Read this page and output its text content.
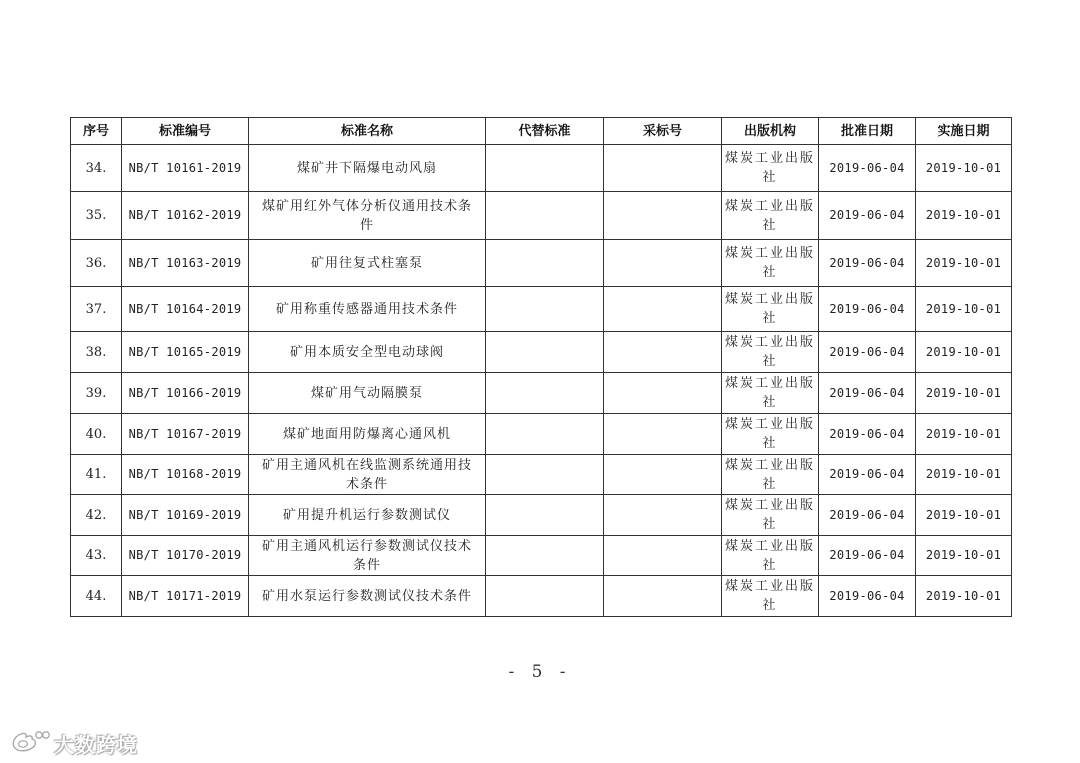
序号	标准编号	标准名称	代替标准	采标号	出版机构	批准日期	实施日期
34.	NB/T 10161-2019	煤矿井下隔爆电动风扇			煤炭工业出版社	2019-06-04	2019-10-01
35.	NB/T 10162-2019	煤矿用红外气体分析仪通用技术条件			煤炭工业出版社	2019-06-04	2019-10-01
36.	NB/T 10163-2019	矿用往复式柱塞泵			煤炭工业出版社	2019-06-04	2019-10-01
37.	NB/T 10164-2019	矿用称重传感器通用技术条件			煤炭工业出版社	2019-06-04	2019-10-01
38.	NB/T 10165-2019	矿用本质安全型电动球阀			煤炭工业出版社	2019-06-04	2019-10-01
39.	NB/T 10166-2019	煤矿用气动隔膜泵			煤炭工业出版社	2019-06-04	2019-10-01
40.	NB/T 10167-2019	煤矿地面用防爆离心通风机			煤炭工业出版社	2019-06-04	2019-10-01
41.	NB/T 10168-2019	矿用主通风机在线监测系统通用技术条件			煤炭工业出版社	2019-06-04	2019-10-01
42.	NB/T 10169-2019	矿用提升机运行参数测试仪			煤炭工业出版社	2019-06-04	2019-10-01
43.	NB/T 10170-2019	矿用主通风机运行参数测试仪技术条件			煤炭工业出版社	2019-06-04	2019-10-01
44.	NB/T 10171-2019	矿用水泵运行参数测试仪技术条件			煤炭工业出版社	2019-06-04	2019-10-01
- 5 -
大数跨境
